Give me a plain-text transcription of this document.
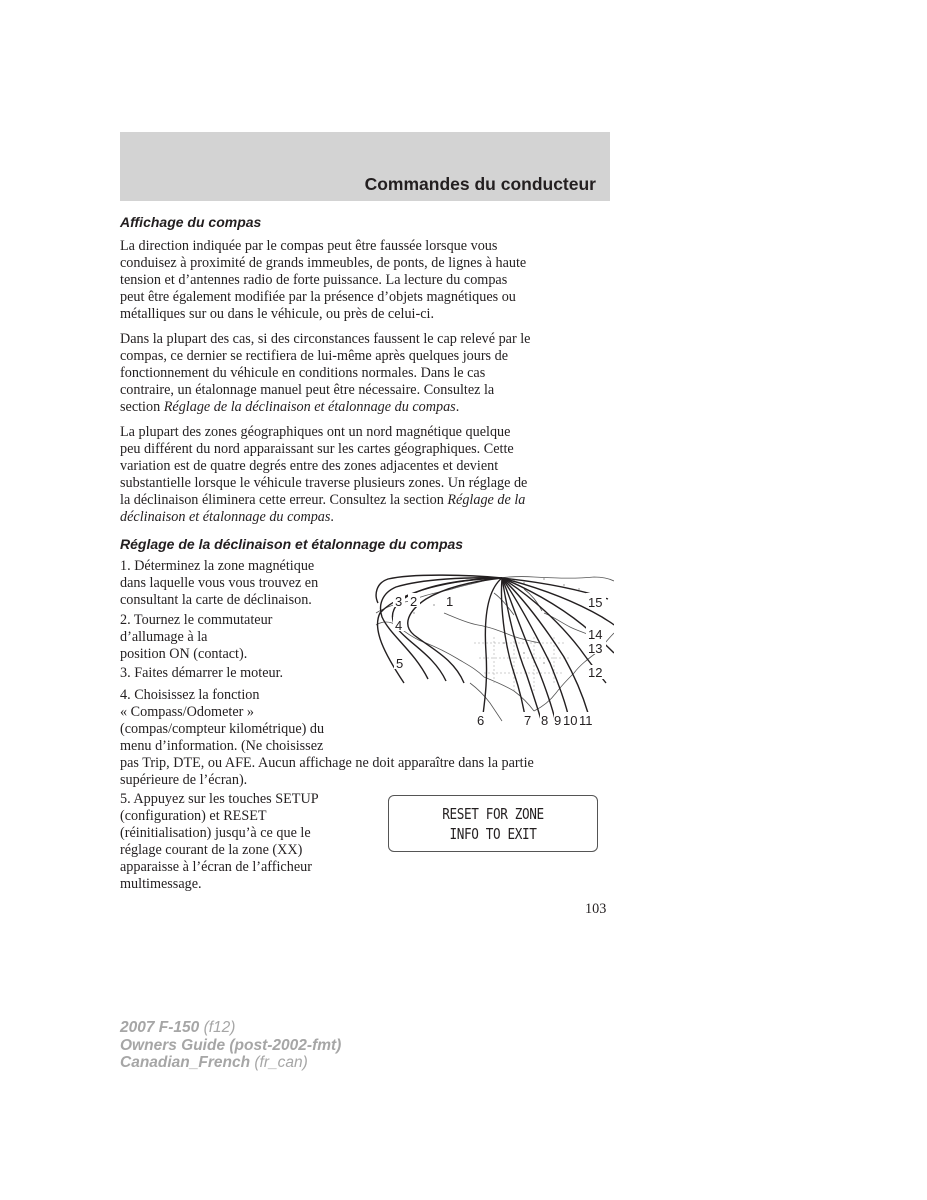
Commandes du conducteur
Affichage du compas

La direction indiquée par le compas peut être faussée lorsque vous
conduisez à proximité de grands immeubles, de ponts, de lignes à haute
tension et d’antennes radio de forte puissance. La lecture du compas
peut être également modifiée par la présence d’objets magnétiques ou
métalliques sur ou dans le véhicule, ou près de celui-ci.

Dans la plupart des cas, si des circonstances faussent le cap relevé par le
compas, ce dernier se rectifiera de lui-même après quelques jours de
fonctionnement du véhicule en conditions normales. Dans le cas
contraire, un étalonnage manuel peut être nécessaire. Consultez la
section Réglage de la déclinaison et étalonnage du compas.

La plupart des zones géographiques ont un nord magnétique quelque
peu différent du nord apparaissant sur les cartes géographiques. Cette
variation est de quatre degrés entre des zones adjacentes et devient
substantielle lorsque le véhicule traverse plusieurs zones. Un réglage de
la déclinaison éliminera cette erreur. Consultez la section Réglage de la
déclinaison et étalonnage du compas.

Réglage de la déclinaison et étalonnage du compas

1. Déterminez la zone magnétique
dans laquelle vous vous trouvez en
consultant la carte de déclinaison.

2. Tournez le commutateur
d’allumage à la
position ON (contact).

3. Faites démarrer le moteur.

4. Choisissez la fonction
« Compass/Odometer »
(compas/compteur kilométrique) du
menu d’information. (Ne choisissez

pas Trip, DTE, ou AFE. Aucun affichage ne doit apparaître dans la partie
supérieure de l’écran).

5. Appuyez sur les touches SETUP
(configuration) et RESET
(réinitialisation) jusqu’à ce que le
réglage courant de la zone (XX)
apparaisse à l’écran de l’afficheur
multimessage.

1
2
3
4
5
6	7 8 9 10 11
12
13
14
15
RESET FOR ZONE
INFO TO EXIT
103
2007 F-150 (f12)
Owners Guide (post-2002-fmt)
Canadian_French (fr_can)
